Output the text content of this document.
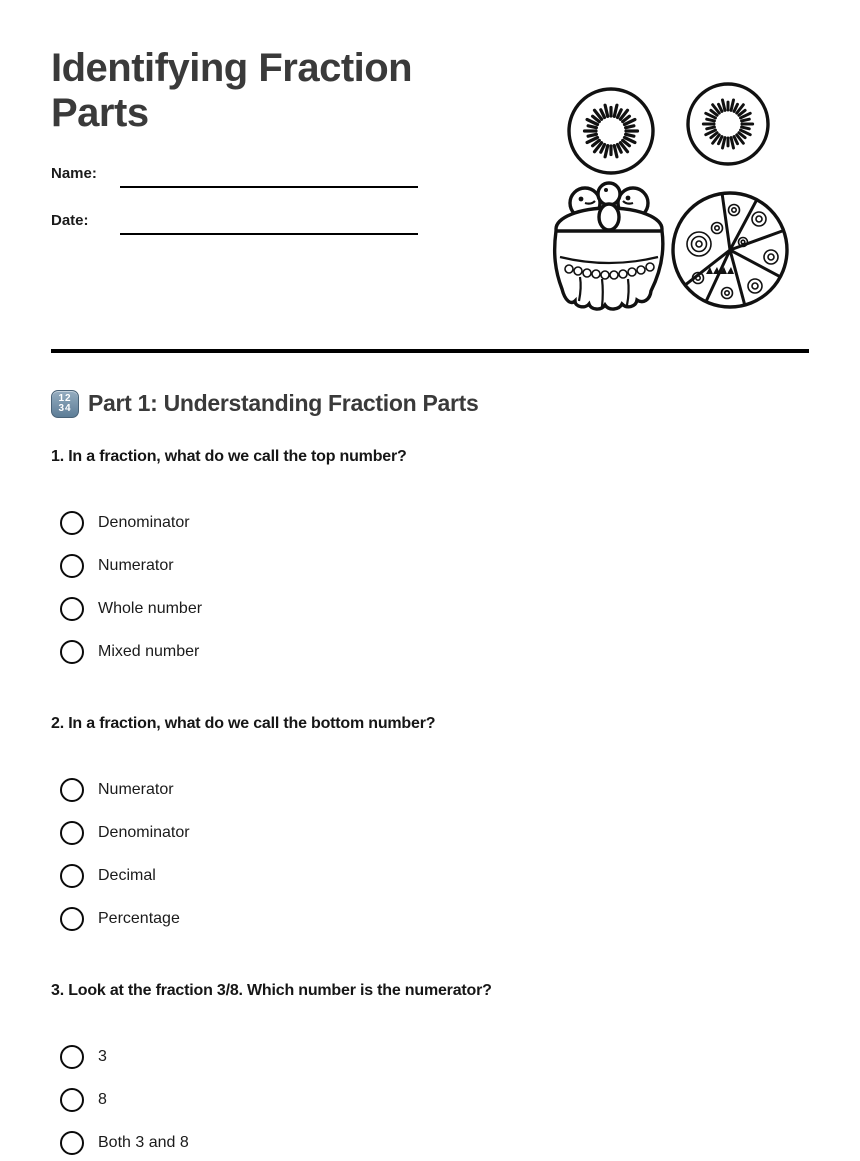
Identifying Fraction Parts
Name:
Date:
12
34 Part 1: Understanding Fraction Parts
1. In a fraction, what do we call the top number?
Denominator
Numerator
Whole number
Mixed number
2. In a fraction, what do we call the bottom number?
Numerator
Denominator
Decimal
Percentage
3. Look at the fraction 3/8. Which number is the numerator?
3
8
Both 3 and 8
